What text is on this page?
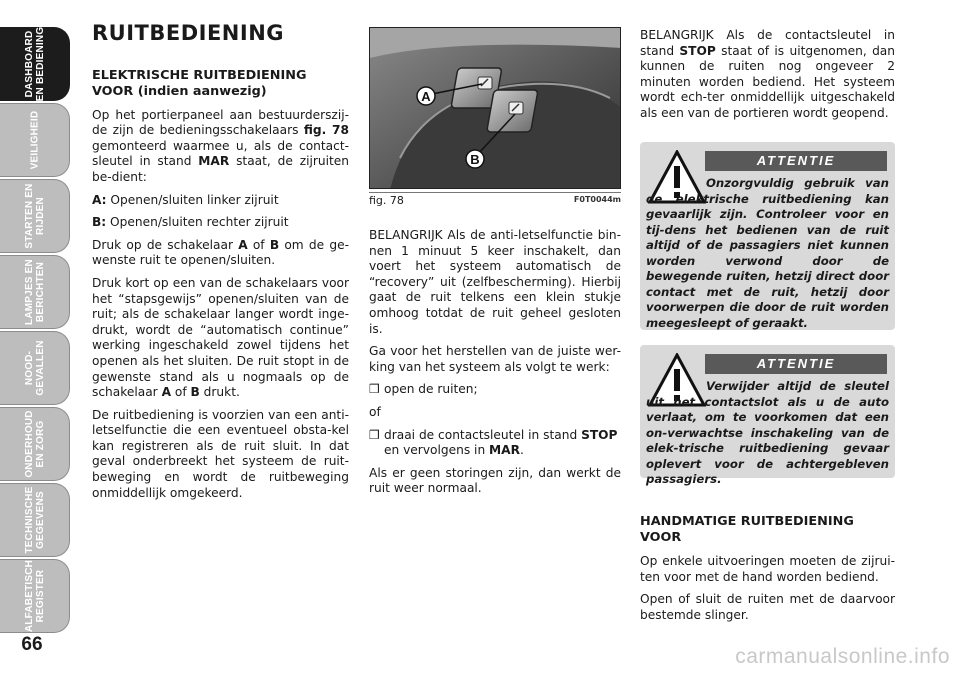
DASHBOARD
EN BEDIENING
VEILIGHEID
STARTEN EN
RIJDEN
LAMPJES EN
BERICHTEN
NOOD-
GEVALLEN
ONDERHOUD
EN ZORG
TECHNISCHE
GEGEVENS
ALFABETISCH
REGISTER
66
RUITBEDIENING
ELEKTRISCHE RUITBEDIENING VOOR (indien aanwezig)

Op het portierpaneel aan bestuurderszij-de zijn de bedieningsschakelaars fig. 78 gemonteerd waarmee u, als de contact-sleutel in stand MAR staat, de zijruiten be-dient:

A: Openen/sluiten linker zijruit

B: Openen/sluiten rechter zijruit

Druk op de schakelaar A of B om de ge-wenste ruit te openen/sluiten.

Druk kort op een van de schakelaars voor het “stapsgewijs” openen/sluiten van de ruit; als de schakelaar langer wordt inge-drukt, wordt de “automatisch continue” werking ingeschakeld zowel tijdens het openen als het sluiten. De ruit stopt in de gewenste stand als u nogmaals op de schakelaar A of B drukt.

De ruitbediening is voorzien van een anti-letselfunctie die een eventueel obsta-kel kan registreren als de ruit sluit. In dat geval onderbreekt het systeem de ruit-beweging en wordt de ruitbeweging onmiddellijk omgekeerd.

A
B
fig. 78	F0T0044m

BELANGRIJK Als de anti-letselfunctie bin-nen 1 minuut 5 keer inschakelt, dan voert het systeem automatisch de “recovery” uit (zelfbescherming). Hierbij gaat de ruit telkens een klein stukje omhoog totdat de ruit geheel gesloten is.

Ga voor het herstellen van de juiste wer-king van het systeem als volgt te werk:

❒ open de ruiten;

of

❒ draai de contactsleutel in stand STOP en vervolgens in MAR.

Als er geen storingen zijn, dan werkt de ruit weer normaal.

BELANGRIJK Als de contactsleutel in stand STOP staat of is uitgenomen, dan kunnen de ruiten nog ongeveer 2 minuten worden bediend. Het systeem wordt ech-ter onmiddellijk uitgeschakeld als een van de portieren wordt geopend.

ATTENTIE
Onzorgvuldig gebruik van de elektrische ruitbediening kan gevaarlijk zijn. Controleer voor en tij-dens het bedienen van de ruit altijd of de passagiers niet kunnen worden verwond door de bewegende ruiten, hetzij direct door contact met de ruit, hetzij door voorwerpen die door de ruit worden meegesleept of geraakt.
ATTENTIE
Verwijder altijd de sleutel uit het contactslot als u de auto verlaat, om te voorkomen dat een on-verwachtse inschakeling van de elek-trische ruitbediening gevaar oplevert voor de achtergebleven passagiers.
HANDMATIGE RUITBEDIENING VOOR

Op enkele uitvoeringen moeten de zijrui-ten voor met de hand worden bediend.

Open of sluit de ruiten met de daarvoor bestemde slinger.

carmanualsonline.info
